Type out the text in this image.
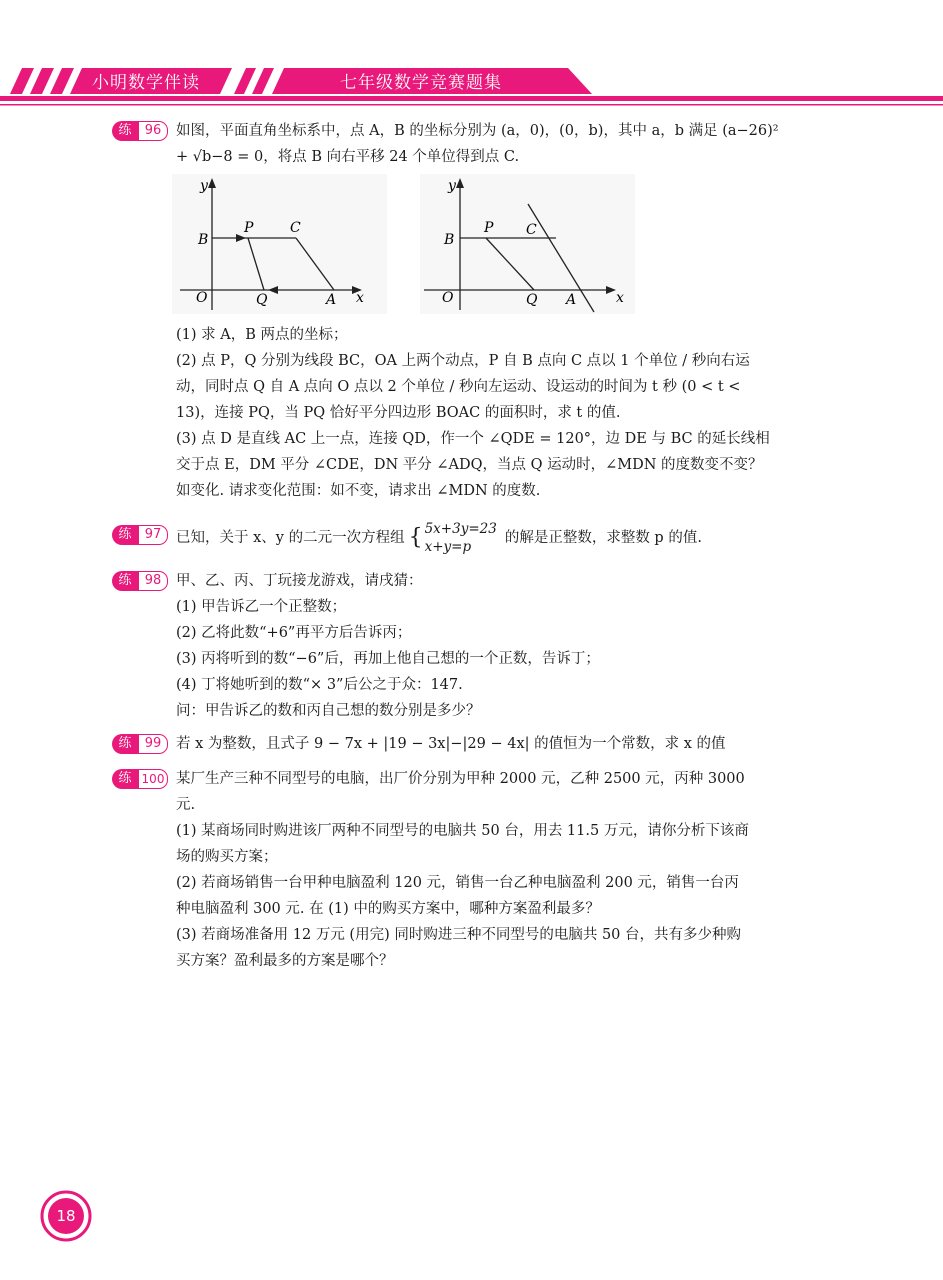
小明数学伴读	七年级数学竞赛题集
练	96	如图，平面直角坐标系中，点 A，B 的坐标分别为 (a，0)，(0，b)，其中 a，b 满足 (a−26)²
+ √b−8 = 0，将点 B 向右平移 24 个单位得到点 C.
y
x
O
B
P	C
Q	A
y
x
O
B
P C
Q A
(1) 求 A，B 两点的坐标；
(2) 点 P，Q 分别为线段 BC，OA 上两个动点，P 自 B 点向 C 点以 1 个单位 / 秒向右运
动，同时点 Q 自 A 点向 O 点以 2 个单位 / 秒向左运动、设运动的时间为 t 秒 (0 < t <
13)，连接 PQ，当 PQ 恰好平分四边形 BOAC 的面积时，求 t 的值.
(3) 点 D 是直线 AC 上一点，连接 QD，作一个 ∠QDE = 120°，边 DE 与 BC 的延长线相
交于点 E，DM 平分 ∠CDE，DN 平分 ∠ADQ，当点 Q 运动时，∠MDN 的度数变不变？
如变化. 请求变化范围：如不变，请求出 ∠MDN 的度数.
练	97	已知，关于 x、y 的二元一次方程组 { 5x+3y=23
x+y=p
的解是正整数，求整数 p 的值.
练	98	甲、乙、丙、丁玩接龙游戏，请戌猜：
(1) 甲告诉乙一个正整数；
(2) 乙将此数“+6”再平方后告诉丙；
(3) 丙将听到的数“−6”后，再加上他自己想的一个正数，告诉丁；
(4) 丁将她听到的数“× 3”后公之于众：147.
问：甲告诉乙的数和丙自己想的数分别是多少？
练	99	若 x 为整数，且式子 9 − 7x + |19 − 3x|−|29 − 4x| 的值恒为一个常数，求 x 的值
练 100 某厂生产三种不同型号的电脑，出厂价分别为甲种 2000 元，乙种 2500 元，丙种 3000
元.
(1) 某商场同时购进该厂两种不同型号的电脑共 50 台，用去 11.5 万元，请你分析下该商
场的购买方案；
(2) 若商场销售一台甲种电脑盈利 120 元，销售一台乙种电脑盈利 200 元，销售一台丙
种电脑盈利 300 元. 在 (1) 中的购买方案中，哪种方案盈利最多？
(3) 若商场准备用 12 万元 (用完) 同时购进三种不同型号的电脑共 50 台，共有多少种购
买方案？盈利最多的方案是哪个？
18
